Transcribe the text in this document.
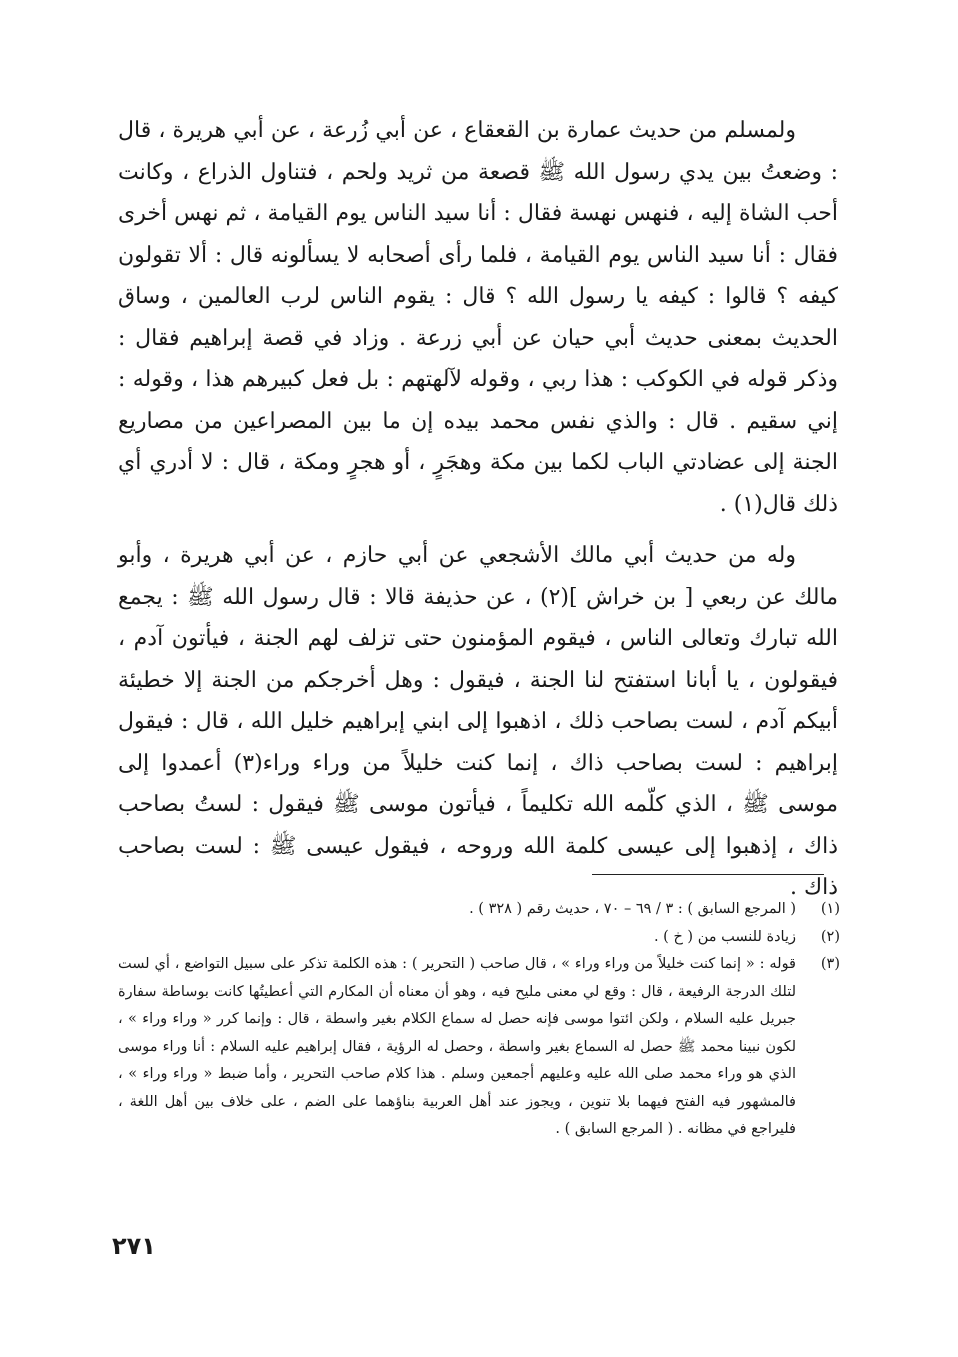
ولمسلم من حديث عمارة بن القعقاع ، عن أبي زُرعة ، عن أبي هريرة ، قال : وضعتُ بين يدي رسول الله ﷺ قصعة من ثريد ولحم ، فتناول الذراع ، وكانت أحب الشاة إليه ، فنهس نهسة فقال : أنا سيد الناس يوم القيامة ، ثم نهس أخرى فقال : أنا سيد الناس يوم القيامة ، فلما رأى أصحابه لا يسألونه قال : ألا تقولون كيفه ؟ قالوا : كيفه يا رسول الله ؟ قال : يقوم الناس لرب العالمين ، وساق الحديث بمعنى حديث أبي حيان عن أبي زرعة . وزاد في قصة إبراهيم فقال : وذكر قوله في الكوكب : هذا ربي ، وقوله لآلهتهم : بل فعل كبيرهم هذا ، وقوله : إني سقيم . قال : والذي نفس محمد بيده إن ما بين المصراعين من مصاريع الجنة إلى عضادتي الباب لكما بين مكة وهجَرٍ ، أو هجرٍ ومكة ، قال : لا أدري أي ذلك قال(١) .

وله من حديث أبي مالك الأشجعي عن أبي حازم ، عن أبي هريرة ، وأبو مالك عن ربعي [ بن خراش ](٢) ، عن حذيفة قالا : قال رسول الله ﷺ : يجمع الله تبارك وتعالى الناس ، فيقوم المؤمنون حتى تزلف لهم الجنة ، فيأتون آدم ، فيقولون ، يا أبانا استفتح لنا الجنة ، فيقول : وهل أخرجكم من الجنة إلا خطيئة أبيكم آدم ، لست بصاحب ذلك ، اذهبوا إلى ابني إبراهيم خليل الله ، قال : فيقول إبراهيم : لست بصاحب ذاك ، إنما كنت خليلاً من وراء وراء(٣) أعمدوا إلى موسى ﷺ ، الذي كلّمه الله تكليماً ، فيأتون موسى ﷺ فيقول : لستُ بصاحب ذاك ، إذهبوا إلى عيسى كلمة الله وروحه ، فيقول عيسى ﷺ : لست بصاحب ذاك .

(١)
( المرجع السابق ) : ٣ / ٦٩ – ٧٠ ، حديث رقم ( ٣٢٨ ) .
(٢)
زيادة للنسب من ( خ ) .
(٣)
قوله : « إنما كنت خليلاً من وراء وراء » ، قال صاحب ( التحرير ) : هذه الكلمة تذكر على سبيل التواضع ، أي لست لتلك الدرجة الرفيعة ، قال : وقع لي معنى مليح فيه ، وهو أن معناه أن المكارم التي أعطيتُها كانت بوساطة سفارة جبريل عليه السلام ، ولكن ائتوا موسى فإنه حصل له سماع الكلام بغير واسطة ، قال : وإنما كرر « وراء وراء » ، لكون نبينا محمد ﷺ حصل له السماع بغير واسطة ، وحصل له الرؤية ، فقال إبراهيم عليه السلام : أنا وراء موسى الذي هو وراء محمد صلى الله عليه وعليهم أجمعين وسلم . هذا كلام صاحب التحرير ، وأما ضبط « وراء وراء » ، فالمشهور فيه الفتح فيهما بلا تنوين ، ويجوز عند أهل العربية بناؤهما على الضم ، على خلاف بين أهل اللغة ، فليراجع في مظانه . ( المرجع السابق ) .
٢٧١
